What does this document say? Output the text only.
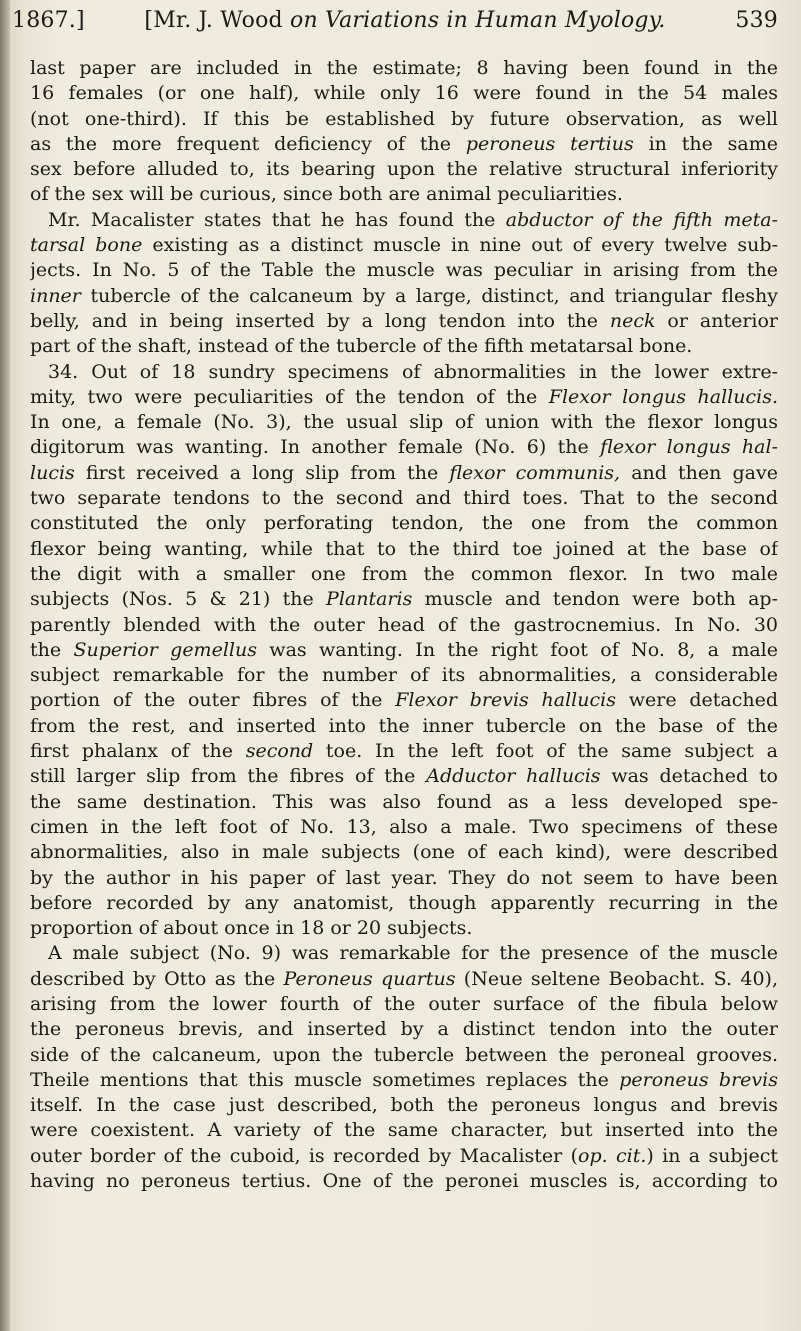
1867.]	[Mr. J. Wood on Variations in Human Myology.	539
last paper are included in the estimate; 8 having been found in the
16 females (or one half), while only 16 were found in the 54 males
(not one-third). If this be established by future observation, as well
as the more frequent deficiency of the peroneus tertius in the same
sex before alluded to, its bearing upon the relative structural inferiority
of the sex will be curious, since both are animal peculiarities.
Mr. Macalister states that he has found the abductor of the fifth meta-
tarsal bone existing as a distinct muscle in nine out of every twelve sub-
jects. In No. 5 of the Table the muscle was peculiar in arising from the
inner tubercle of the calcaneum by a large, distinct, and triangular fleshy
belly, and in being inserted by a long tendon into the neck or anterior
part of the shaft, instead of the tubercle of the fifth metatarsal bone.
34. Out of 18 sundry specimens of abnormalities in the lower extre-
mity, two were peculiarities of the tendon of the Flexor longus hallucis.
In one, a female (No. 3), the usual slip of union with the flexor longus
digitorum was wanting. In another female (No. 6) the flexor longus hal-
lucis first received a long slip from the flexor communis, and then gave
two separate tendons to the second and third toes. That to the second
constituted the only perforating tendon, the one from the common
flexor being wanting, while that to the third toe joined at the base of
the digit with a smaller one from the common flexor. In two male
subjects (Nos. 5 & 21) the Plantaris muscle and tendon were both ap-
parently blended with the outer head of the gastrocnemius. In No. 30
the Superior gemellus was wanting. In the right foot of No. 8, a male
subject remarkable for the number of its abnormalities, a considerable
portion of the outer fibres of the Flexor brevis hallucis were detached
from the rest, and inserted into the inner tubercle on the base of the
first phalanx of the second toe. In the left foot of the same subject a
still larger slip from the fibres of the Adductor hallucis was detached to
the same destination. This was also found as a less developed spe-
cimen in the left foot of No. 13, also a male. Two specimens of these
abnormalities, also in male subjects (one of each kind), were described
by the author in his paper of last year. They do not seem to have been
before recorded by any anatomist, though apparently recurring in the
proportion of about once in 18 or 20 subjects.
A male subject (No. 9) was remarkable for the presence of the muscle
described by Otto as the Peroneus quartus (Neue seltene Beobacht. S. 40),
arising from the lower fourth of the outer surface of the fibula below
the peroneus brevis, and inserted by a distinct tendon into the outer
side of the calcaneum, upon the tubercle between the peroneal grooves.
Theile mentions that this muscle sometimes replaces the peroneus brevis
itself. In the case just described, both the peroneus longus and brevis
were coexistent. A variety of the same character, but inserted into the
outer border of the cuboid, is recorded by Macalister (op. cit.) in a subject
having no peroneus tertius. One of the peronei muscles is, according to
